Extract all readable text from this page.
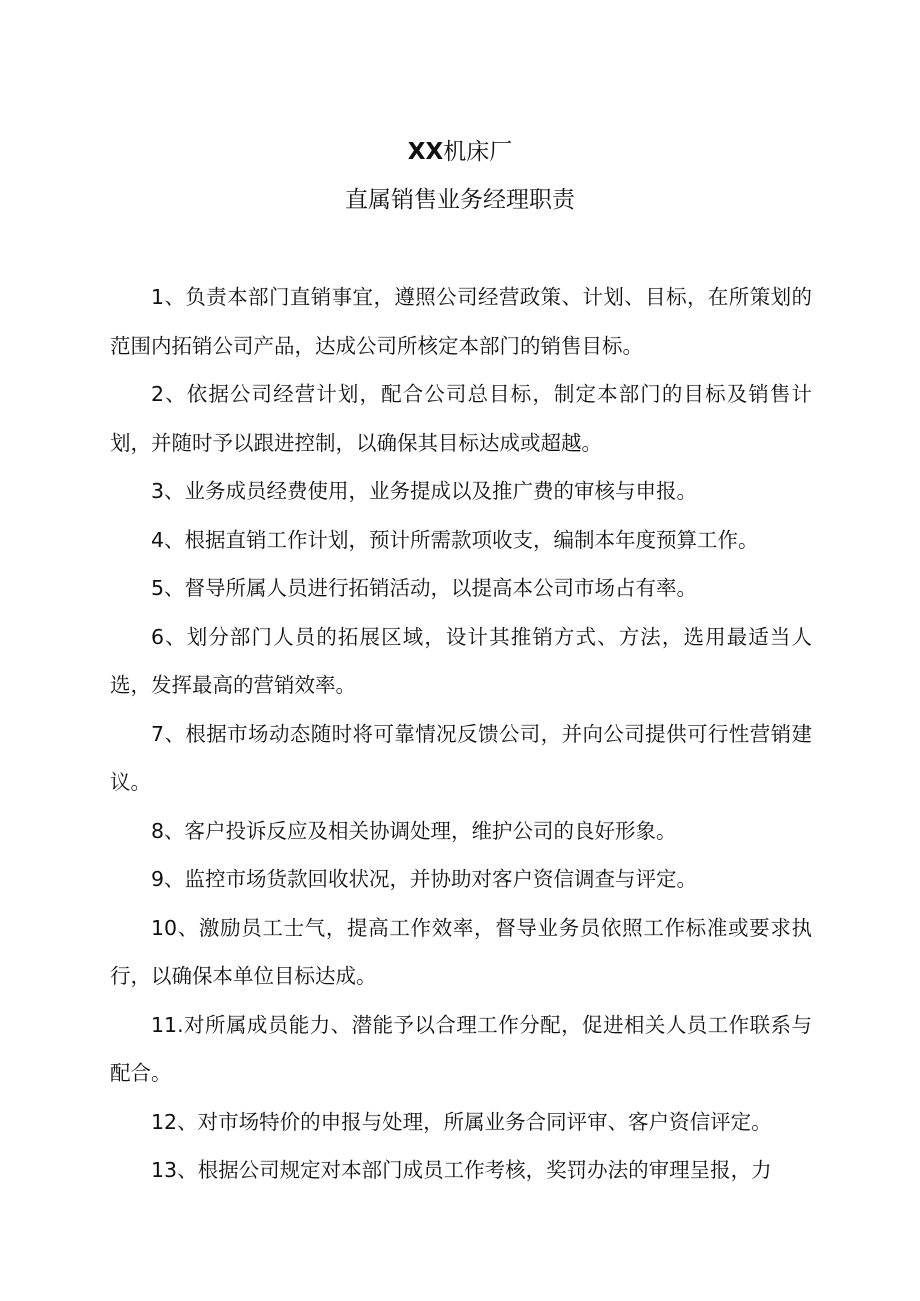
XX机床厂
直属销售业务经理职责

1、负责本部门直销事宜，遵照公司经营政策、计划、目标，在所策划的范围内拓销公司产品，达成公司所核定本部门的销售目标。

2、依据公司经营计划，配合公司总目标，制定本部门的目标及销售计划，并随时予以跟进控制，以确保其目标达成或超越。

3、业务成员经费使用，业务提成以及推广费的审核与申报。

4、根据直销工作计划，预计所需款项收支，编制本年度预算工作。

5、督导所属人员进行拓销活动，以提高本公司市场占有率。

6、划分部门人员的拓展区域，设计其推销方式、方法，选用最适当人选，发挥最高的营销效率。

7、根据市场动态随时将可靠情况反馈公司，并向公司提供可行性营销建议。

8、客户投诉反应及相关协调处理，维护公司的良好形象。

9、监控市场货款回收状况，并协助对客户资信调查与评定。

10、激励员工士气，提高工作效率，督导业务员依照工作标准或要求执行，以确保本单位目标达成。

11.对所属成员能力、潜能予以合理工作分配，促进相关人员工作联系与配合。

12、对市场特价的申报与处理，所属业务合同评审、客户资信评定。

13、根据公司规定对本部门成员工作考核，奖罚办法的审理呈报，力
